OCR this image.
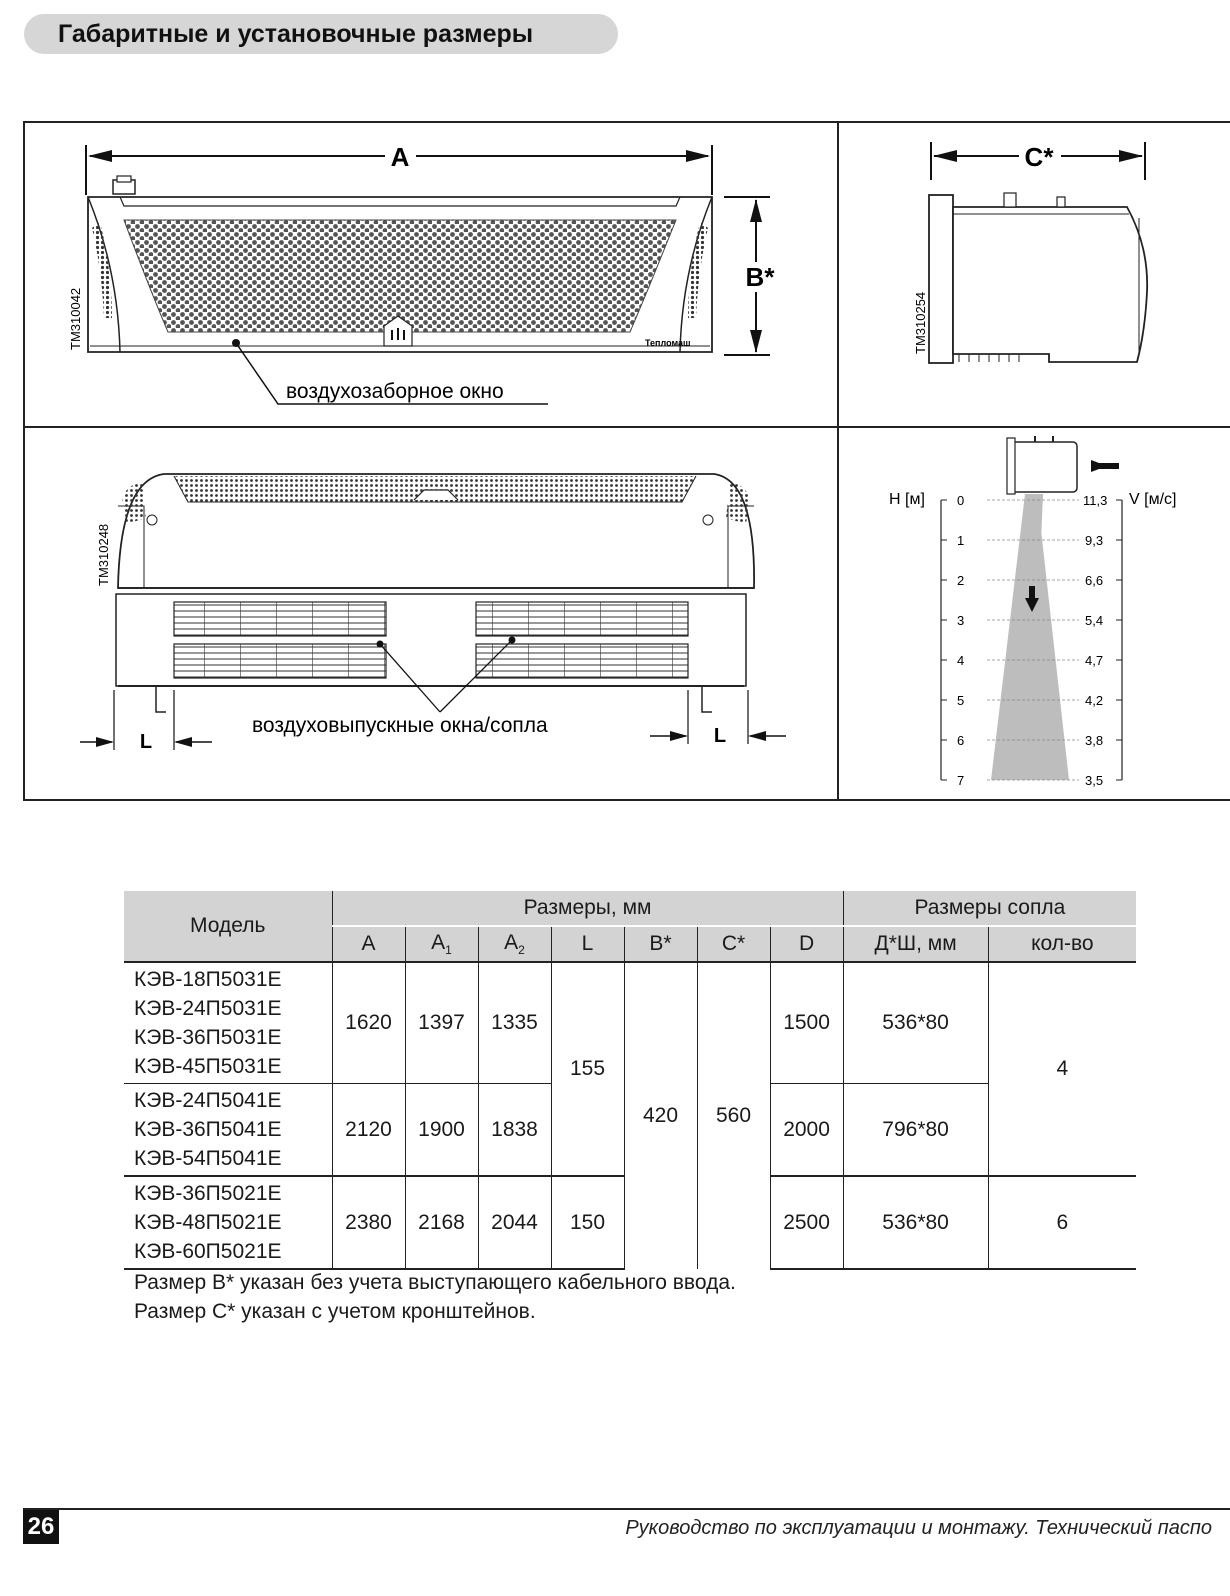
Габаритные и установочные размеры
A
B*
Тепломаш
воздухозаборное окно
TM310042
C*
TM310254
L	L
воздуховыпускные окна/сопла
TM310248
0
1
2
3
4
5
6
7
H [м]	11,3
9,3
6,6
5,4
4,7
4,2
3,8
3,5
V [м/с]
Модель	Размеры, мм							Размеры сопла	
	A	$A_1$	$A_2$	L	B*	C*	D	Д*Ш, мм	кол-во

КЭВ-18П5031Е
КЭВ-24П5031Е
КЭВ-36П5031Е
КЭВ-45П5031Е	1620	1397	1335	155	420	560	1500	536*80	4

КЭВ-24П5041Е
КЭВ-36П5041Е
КЭВ-54П5041Е	2120	1900	1838				2000	796*80	

КЭВ-36П5021Е
КЭВ-48П5021Е
КЭВ-60П5021Е	2380	2168	2044	150			2500	536*80	6
Размер B* указан без учета выступающего кабельного ввода.
Размер C* указан с учетом кронштейнов.
26	Руководство по эксплуатации и монтажу. Технический паспо
